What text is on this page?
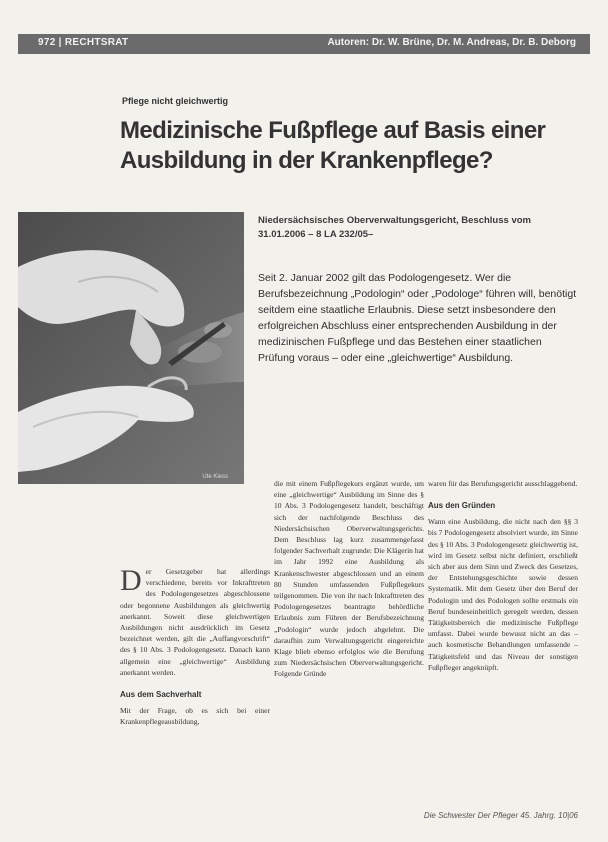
972 | RECHTSRAT	Autoren: Dr. W. Brüne, Dr. M. Andreas, Dr. B. Deborg
Pflege nicht gleichwertig
Medizinische Fußpflege auf Basis einer Ausbildung in der Krankenpflege?

Niedersächsisches Oberverwaltungsgericht, Beschluss vom 31.01.2006 – 8 LA 232/05–

Ute Kiess

Seit 2. Januar 2002 gilt das Podologengesetz. Wer die Berufsbezeichnung „Podologin“ oder „Podologe“ führen will, benötigt seitdem eine staatliche Erlaubnis. Diese setzt insbesondere den erfolgreichen Abschluss einer entsprechenden Ausbildung in der medizinischen Fußpflege und das Bestehen einer staatlichen Prüfung voraus – oder eine „gleichwertige“ Ausbildung.

Der Gesetzgeber hat allerdings verschiedene, bereits vor Inkrafttreten des Podologengesetzes abgeschlossene oder begonnene Ausbildungen als gleichwertig anerkannt. Soweit diese gleichwertigen Ausbildungen nicht ausdrücklich im Gesetz bezeichnet werden, gilt die „Auffangvorschrift“ des § 10 Abs. 3 Podologengesetz. Danach kann allgemein eine „gleichwertige“ Ausbildung anerkannt werden.

Aus dem Sachverhalt

Mit der Frage, ob es sich bei einer Krankenpflegeausbildung,

die mit einem Fußpflegekurs ergänzt wurde, um eine „gleichwertige“ Ausbildung im Sinne des § 10 Abs. 3 Podologengesetz handelt, beschäftigt sich der nachfolgende Beschluss des Niedersächsischen Oberverwaltungsgerichts. Dem Beschluss lag kurz zusammengefasst folgender Sachverhalt zugrunde: Die Klägerin hat im Jahr 1992 eine Ausbildung als Krankenschwester abgeschlossen und an einem 80 Stunden umfassenden Fußpflegekurs teilgenommen. Die von ihr nach Inkrafttreten des Podologengesetzes beantragte behördliche Erlaubnis zum Führen der Berufsbezeichnung „Podologin“ wurde jedoch abgelehnt. Die daraufhin zum Verwaltungsgericht eingereichte Klage blieb ebenso erfolglos wie die Berufung zum Niedersächsischen Oberverwaltungsgericht. Folgende Gründe

waren für das Berufungsgericht ausschlaggebend.

Aus den Gründen

Wann eine Ausbildung, die nicht nach den §§ 3 bis 7 Podologengesetz absolviert wurde, im Sinne des § 10 Abs. 3 Podologengesetz gleichwertig ist, wird im Gesetz selbst nicht definiert, erschließt sich aber aus dem Sinn und Zweck des Gesetzes, der Entstehungsgeschichte sowie dessen Systematik. Mit dem Gesetz über den Beruf der Podologin und des Podologen sollte erstmals ein Beruf bundeseinheitlich geregelt werden, dessen Tätigkeitsbereich die medizinische Fußpflege umfasst. Dabei wurde bewusst nicht an das – auch kosmetische Behandlungen umfassende – Tätigkeitsfeld und das Niveau der sonstigen Fußpfleger angeknüpft.

Die Schwester Der Pfleger 45. Jahrg. 10|06
